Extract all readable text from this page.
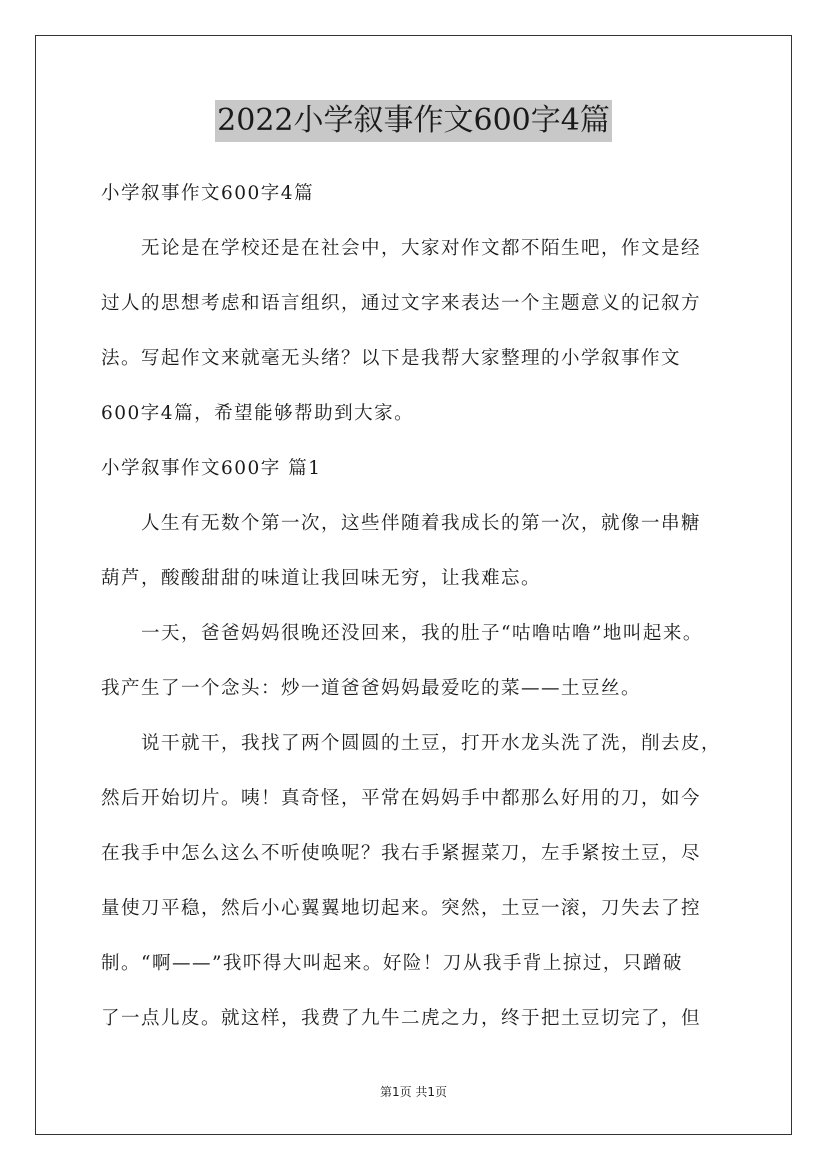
2022小学叙事作文600字4篇
小学叙事作文600字4篇
无论是在学校还是在社会中，大家对作文都不陌生吧，作文是经
过人的思想考虑和语言组织，通过文字来表达一个主题意义的记叙方
法。写起作文来就毫无头绪？以下是我帮大家整理的小学叙事作文
600字4篇，希望能够帮助到大家。
小学叙事作文600字 篇1
人生有无数个第一次，这些伴随着我成长的第一次，就像一串糖
葫芦，酸酸甜甜的味道让我回味无穷，让我难忘。
一天，爸爸妈妈很晚还没回来，我的肚子“咕噜咕噜”地叫起来。
我产生了一个念头：炒一道爸爸妈妈最爱吃的菜——土豆丝。
说干就干，我找了两个圆圆的土豆，打开水龙头洗了洗，削去皮，
然后开始切片。咦！真奇怪，平常在妈妈手中都那么好用的刀，如今
在我手中怎么这么不听使唤呢？我右手紧握菜刀，左手紧按土豆，尽
量使刀平稳，然后小心翼翼地切起来。突然，土豆一滚，刀失去了控
制。“啊——”我吓得大叫起来。好险！刀从我手背上掠过，只蹭破
了一点儿皮。就这样，我费了九牛二虎之力，终于把土豆切完了，但
第1页 共1页
